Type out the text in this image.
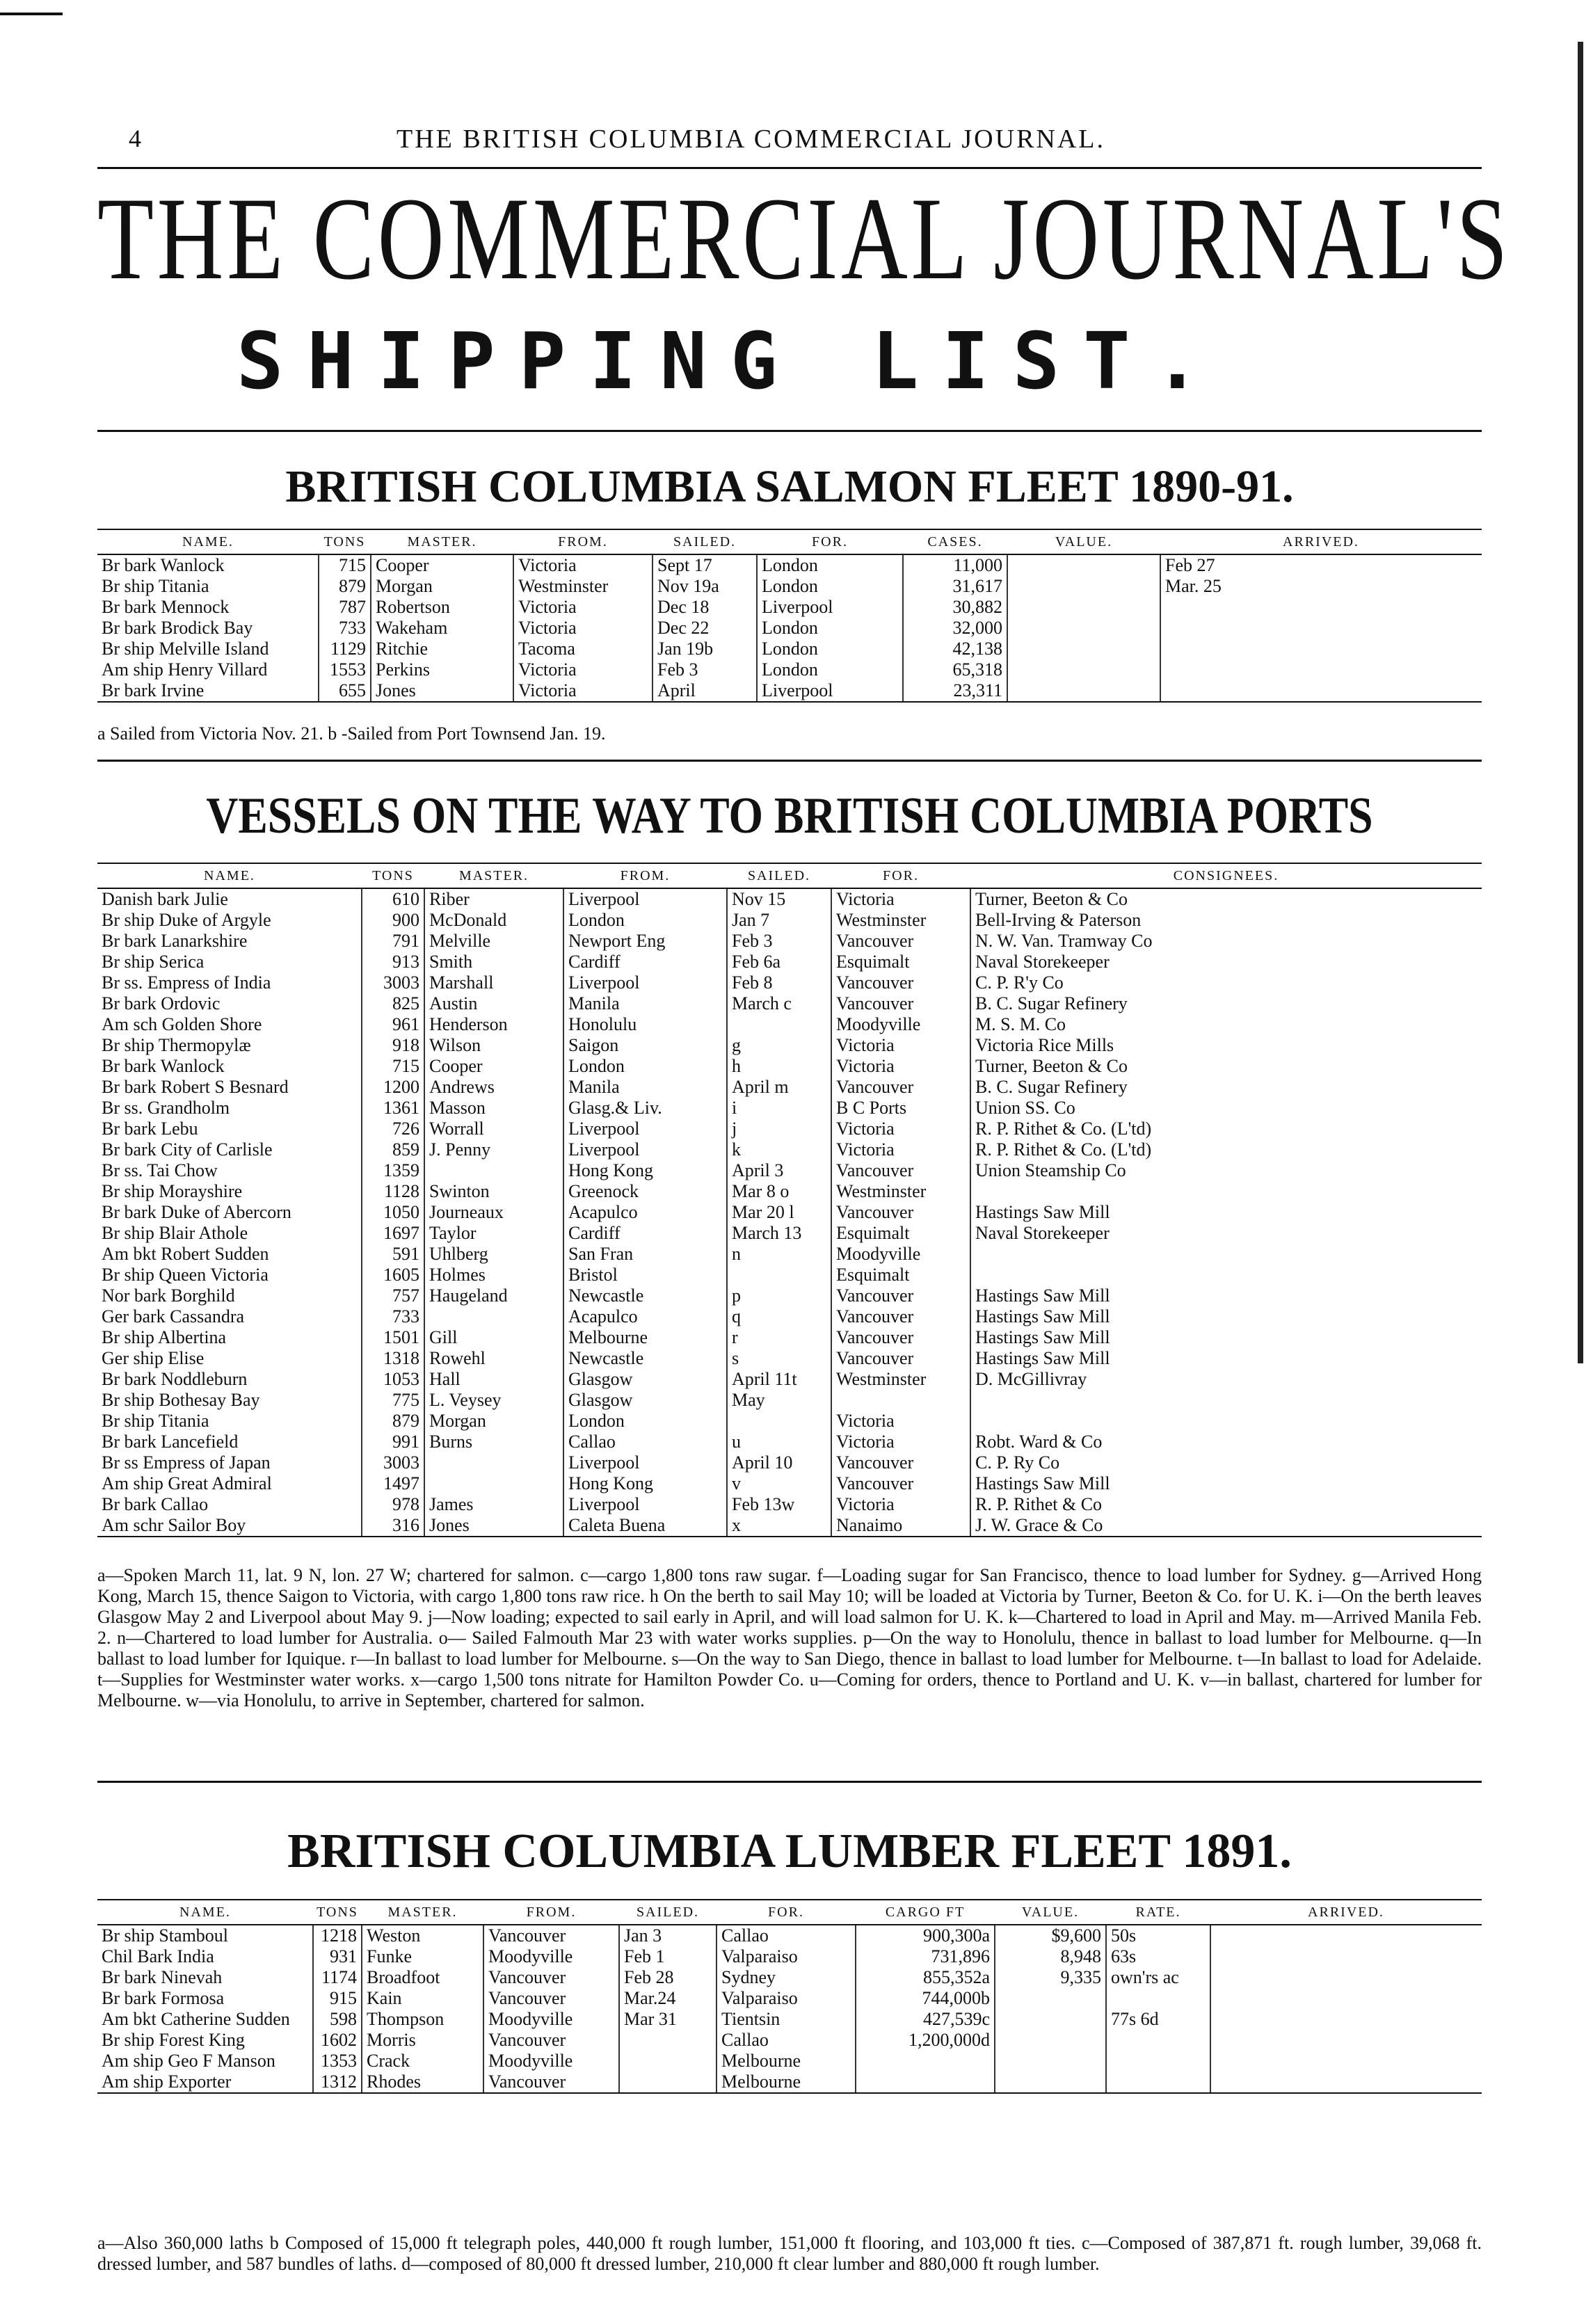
4	THE BRITISH COLUMBIA COMMERCIAL JOURNAL.
THE COMMERCIAL JOURNAL'S
SHIPPING LIST.
BRITISH COLUMBIA SALMON FLEET 1890-91.
NAME.	TONS	MASTER.	FROM.	SAILED.	FOR.	CASES.	VALUE.	ARRIVED.
Br bark Wanlock	715	Cooper	Victoria	Sept 17	London	11,000		Feb 27
Br ship Titania	879	Morgan	Westminster	Nov 19a	London	31,617		Mar. 25
Br bark Mennock	787	Robertson	Victoria	Dec 18	Liverpool	30,882		
Br bark Brodick Bay	733	Wakeham	Victoria	Dec 22	London	32,000		
Br ship Melville Island	1129	Ritchie	Tacoma	Jan 19b	London	42,138		
Am ship Henry Villard	1553	Perkins	Victoria	Feb 3	London	65,318		
Br bark Irvine	655	Jones	Victoria	April	Liverpool	23,311		
a Sailed from Victoria Nov. 21. b -Sailed from Port Townsend Jan. 19.
VESSELS ON THE WAY TO BRITISH COLUMBIA PORTS
NAME.	TONS	MASTER.	FROM.	SAILED.	FOR.	CONSIGNEES.
Danish bark Julie	610	Riber	Liverpool	Nov 15	Victoria	Turner, Beeton & Co
Br ship Duke of Argyle	900	McDonald	London	Jan 7	Westminster	Bell-Irving & Paterson
Br bark Lanarkshire	791	Melville	Newport Eng	Feb 3	Vancouver	N. W. Van. Tramway Co
Br ship Serica	913	Smith	Cardiff	Feb 6a	Esquimalt	Naval Storekeeper
Br ss. Empress of India	3003	Marshall	Liverpool	Feb 8	Vancouver	C. P. R'y Co
Br bark Ordovic	825	Austin	Manila	March c	Vancouver	B. C. Sugar Refinery
Am sch Golden Shore	961	Henderson	Honolulu		Moodyville	M. S. M. Co
Br ship Thermopylæ	918	Wilson	Saigon	g	Victoria	Victoria Rice Mills
Br bark Wanlock	715	Cooper	London	h	Victoria	Turner, Beeton & Co
Br bark Robert S Besnard	1200	Andrews	Manila	April m	Vancouver	B. C. Sugar Refinery
Br ss. Grandholm	1361	Masson	Glasg.& Liv.	i	B C Ports	Union SS. Co
Br bark Lebu	726	Worrall	Liverpool	j	Victoria	R. P. Rithet & Co. (L'td)
Br bark City of Carlisle	859	J. Penny	Liverpool	k	Victoria	R. P. Rithet & Co. (L'td)
Br ss. Tai Chow	1359		Hong Kong	April 3	Vancouver	Union Steamship Co
Br ship Morayshire	1128	Swinton	Greenock	Mar 8 o	Westminster	
Br bark Duke of Abercorn	1050	Journeaux	Acapulco	Mar 20 l	Vancouver	Hastings Saw Mill
Br ship Blair Athole	1697	Taylor	Cardiff	March 13	Esquimalt	Naval Storekeeper
Am bkt Robert Sudden	591	Uhlberg	San Fran	n	Moodyville	
Br ship Queen Victoria	1605	Holmes	Bristol		Esquimalt	
Nor bark Borghild	757	Haugeland	Newcastle	p	Vancouver	Hastings Saw Mill
Ger bark Cassandra	733		Acapulco	q	Vancouver	Hastings Saw Mill
Br ship Albertina	1501	Gill	Melbourne	r	Vancouver	Hastings Saw Mill
Ger ship Elise	1318	Rowehl	Newcastle	s	Vancouver	Hastings Saw Mill
Br bark Noddleburn	1053	Hall	Glasgow	April 11t	Westminster	D. McGillivray
Br ship Bothesay Bay	775	L. Veysey	Glasgow	May		
Br ship Titania	879	Morgan	London		Victoria	
Br bark Lancefield	991	Burns	Callao	u	Victoria	Robt. Ward & Co
Br ss Empress of Japan	3003		Liverpool	April 10	Vancouver	C. P. Ry Co
Am ship Great Admiral	1497		Hong Kong	v	Vancouver	Hastings Saw Mill
Br bark Callao	978	James	Liverpool	Feb 13w	Victoria	R. P. Rithet & Co
Am schr Sailor Boy	316	Jones	Caleta Buena	x	Nanaimo	J. W. Grace & Co
a—Spoken March 11, lat. 9 N, lon. 27 W; chartered for salmon. c—cargo 1,800 tons raw sugar. f—Loading sugar for San Francisco, thence to load lumber for Sydney. g—Arrived Hong Kong, March 15, thence Saigon to Victoria, with cargo 1,800 tons raw rice. h On the berth to sail May 10; will be loaded at Victoria by Turner, Beeton & Co. for U. K. i—On the berth leaves Glasgow May 2 and Liverpool about May 9. j—Now loading; expected to sail early in April, and will load salmon for U. K. k—Chartered to load in April and May. m—Arrived Manila Feb. 2. n—Chartered to load lumber for Australia. o— Sailed Falmouth Mar 23 with water works supplies. p—On the way to Honolulu, thence in ballast to load lumber for Melbourne. q—In ballast to load lumber for Iquique. r—In ballast to load lumber for Melbourne. s—On the way to San Diego, thence in ballast to load lumber for Melbourne. t—In ballast to load for Adelaide. t—Supplies for Westminster water works. x—cargo 1,500 tons nitrate for Hamilton Powder Co. u—Coming for orders, thence to Portland and U. K. v—in ballast, chartered for lumber for Melbourne. w—via Honolulu, to arrive in September, chartered for salmon.
BRITISH COLUMBIA LUMBER FLEET 1891.
NAME.	TONS	MASTER.	FROM.	SAILED.	FOR.	CARGO FT	VALUE.	RATE.	ARRIVED.
Br ship Stamboul	1218	Weston	Vancouver	Jan 3	Callao	900,300a	$9,600	50s	
Chil Bark India	931	Funke	Moodyville	Feb 1	Valparaiso	731,896	8,948	63s	
Br bark Ninevah	1174	Broadfoot	Vancouver	Feb 28	Sydney	855,352a	9,335	own'rs ac	
Br bark Formosa	915	Kain	Vancouver	Mar.24	Valparaiso	744,000b			
Am bkt Catherine Sudden	598	Thompson	Moodyville	Mar 31	Tientsin	427,539c		77s 6d	
Br ship Forest King	1602	Morris	Vancouver		Callao	1,200,000d			
Am ship Geo F Manson	1353	Crack	Moodyville		Melbourne				
Am ship Exporter	1312	Rhodes	Vancouver		Melbourne				
a—Also 360,000 laths b Composed of 15,000 ft telegraph poles, 440,000 ft rough lumber, 151,000 ft flooring, and 103,000 ft ties. c—Composed of 387,871 ft. rough lumber, 39,068 ft. dressed lumber, and 587 bundles of laths. d—composed of 80,000 ft dressed lumber, 210,000 ft clear lumber and 880,000 ft rough lumber.
